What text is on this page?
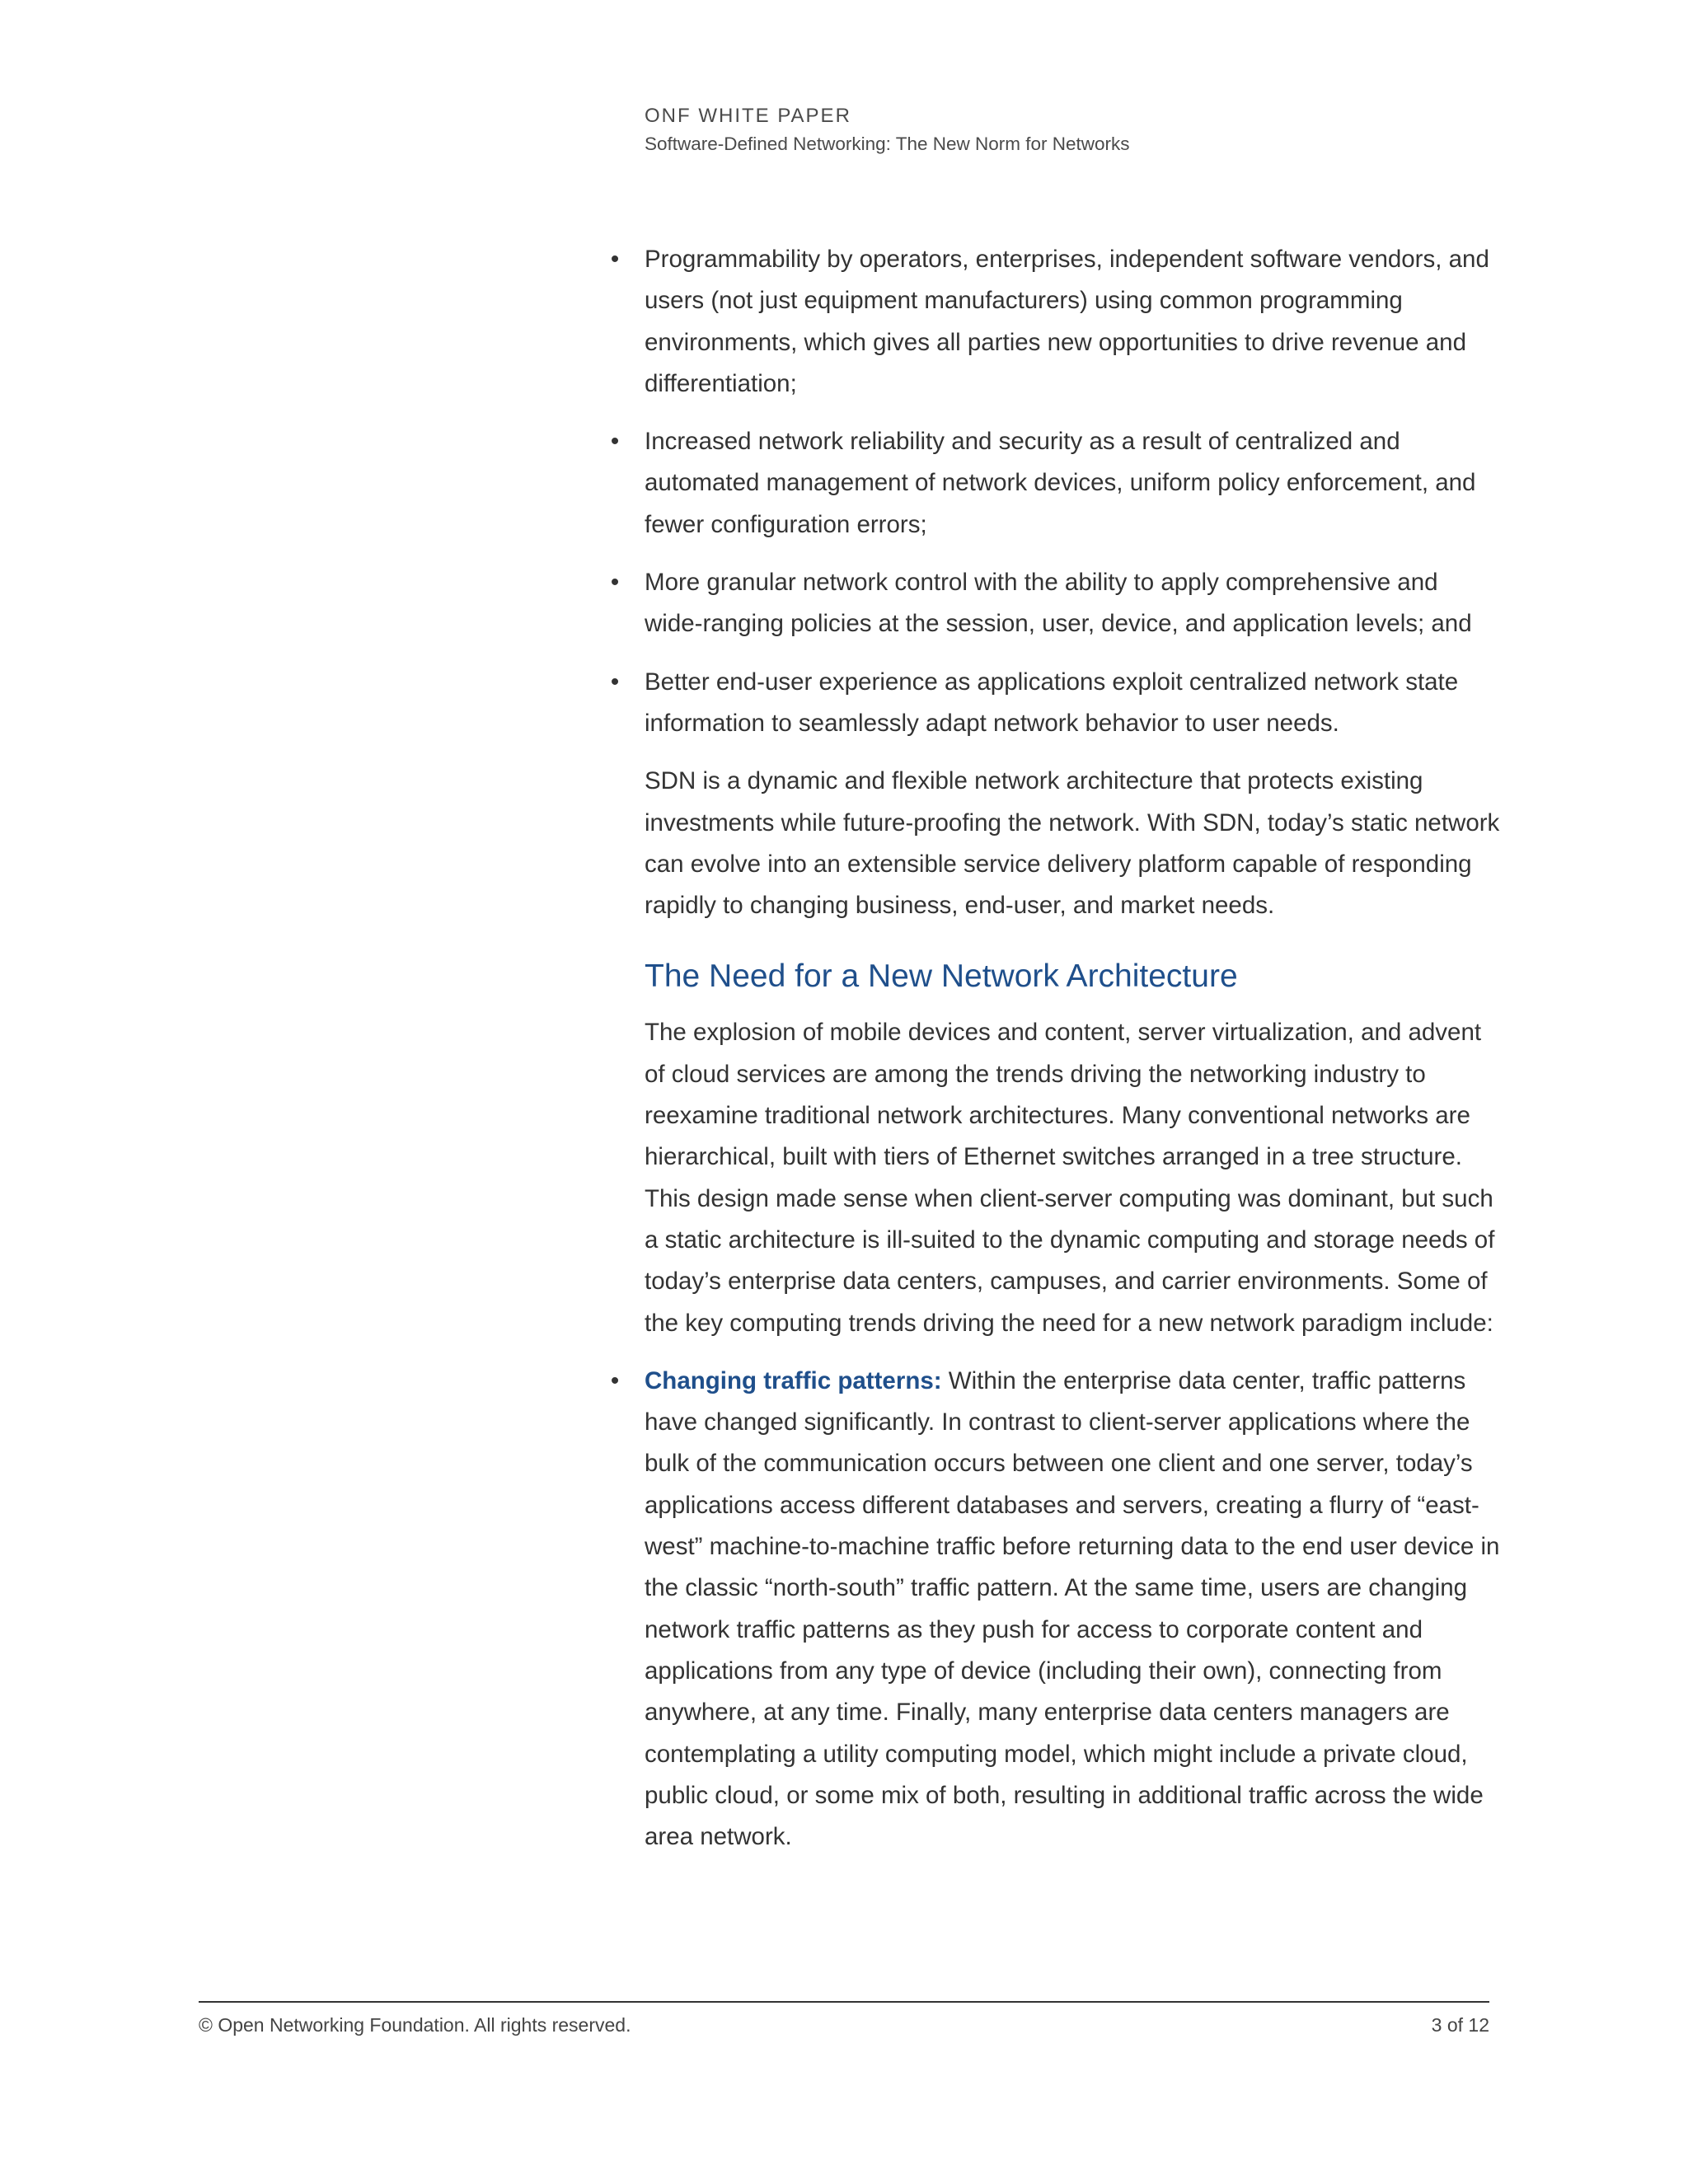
ONF WHITE PAPER
Software-Defined Networking: The New Norm for Networks
• Programmability by operators, enterprises, independent software vendors, and users (not just equipment manufacturers) using common programming environments, which gives all parties new opportunities to drive revenue and differentiation;
• Increased network reliability and security as a result of centralized and automated management of network devices, uniform policy enforcement, and fewer configuration errors;
• More granular network control with the ability to apply comprehensive and wide-ranging policies at the session, user, device, and application levels; and
• Better end-user experience as applications exploit centralized network state information to seamlessly adapt network behavior to user needs.

SDN is a dynamic and flexible network architecture that protects existing investments while future-proofing the network. With SDN, today’s static network can evolve into an extensible service delivery platform capable of responding rapidly to changing business, end-user, and market needs.

The Need for a New Network Architecture

The explosion of mobile devices and content, server virtualization, and advent of cloud services are among the trends driving the networking industry to reexamine traditional network architectures. Many conventional networks are hierarchical, built with tiers of Ethernet switches arranged in a tree structure. This design made sense when client-server computing was dominant, but such a static architecture is ill-suited to the dynamic computing and storage needs of today’s enterprise data centers, campuses, and carrier environments. Some of the key computing trends driving the need for a new network paradigm include:

• Changing traffic patterns: Within the enterprise data center, traffic patterns have changed significantly. In contrast to client-server applications where the bulk of the communication occurs between one client and one server, today’s applications access different databases and servers, creating a flurry of “east-west” machine-to-machine traffic before returning data to the end user device in the classic “north-south” traffic pattern. At the same time, users are changing network traffic patterns as they push for access to corporate content and applications from any type of device (including their own), connecting from anywhere, at any time. Finally, many enterprise data centers managers are contemplating a utility computing model, which might include a private cloud, public cloud, or some mix of both, resulting in additional traffic across the wide area network.
© Open Networking Foundation. All rights reserved.	3 of 12
